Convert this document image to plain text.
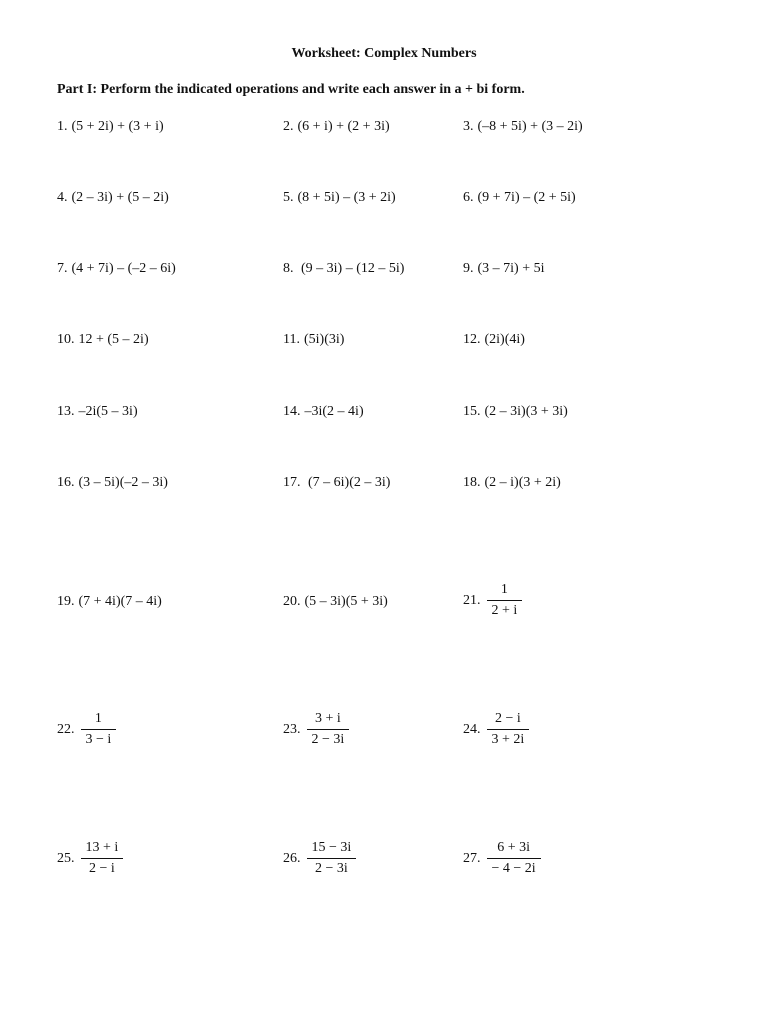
Worksheet: Complex Numbers
Part I: Perform the indicated operations and write each answer in a + bi form.
1. (5 + 2i) + (3 + i)	2. (6 + i) + (2 + 3i)	3. (–8 + 5i) + (3 – 2i)
4. (2 – 3i) + (5 – 2i)	5. (8 + 5i) – (3 + 2i)	6. (9 + 7i) – (2 + 5i)
7. (4 + 7i) – (–2 – 6i)	8. (9 – 3i) – (12 – 5i)	9. (3 – 7i) + 5i
10. 12 + (5 – 2i)	11. (5i)(3i)	12. (2i)(4i)
13. –2i(5 – 3i)	14. –3i(2 – 4i)	15. (2 – 3i)(3 + 3i)
16. (3 – 5i)(–2 – 3i)	17. (7 – 6i)(2 – 3i)	18. (2 – i)(3 + 2i)
19. (7 + 4i)(7 – 4i)	20. (5 – 3i)(5 + 3i)	21. $\frac{1}{2 + i}$
22. $\frac{1}{3 - i}$	23. $\frac{3 + i}{2 - 3i}$	24. $\frac{2 - i}{3 + 2i}$
25. $\frac{13 + i}{2 - i}$	26. $\frac{15 - 3i}{2 - 3i}$	27. $\frac{6 + 3i}{- 4 - 2i}$
